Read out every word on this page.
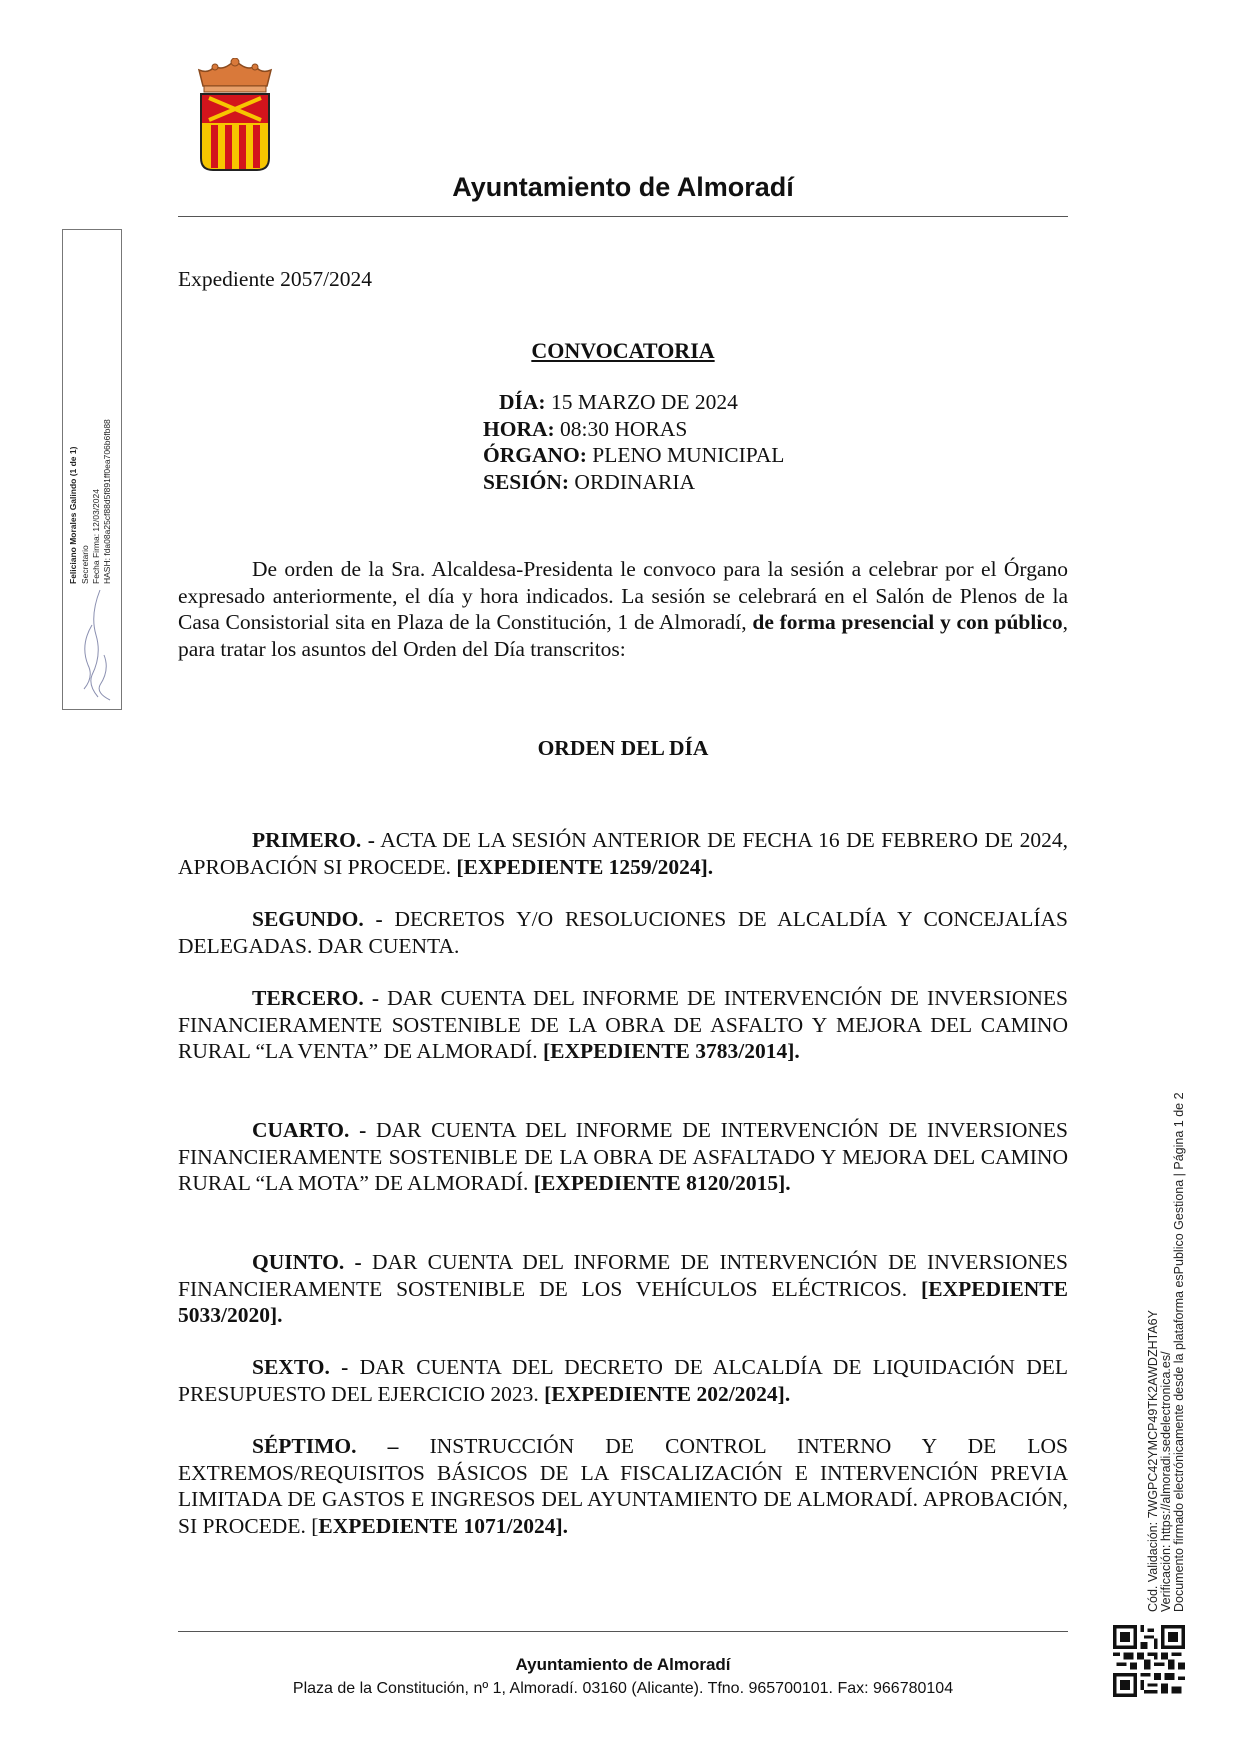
Ayuntamiento de Almoradí
Feliciano Morales Galindo (1 de 1) Secretario Fecha Firma: 12/03/2024 HASH: fda08a25cf88d5f891ff0ea706b6fb88
Expediente 2057/2024
CONVOCATORIA
DÍA: 15 MARZO DE 2024
HORA: 08:30 HORAS
ÓRGANO: PLENO MUNICIPAL
SESIÓN: ORDINARIA
De orden de la Sra. Alcaldesa-Presidenta le convoco para la sesión a celebrar por el Órgano expresado anteriormente, el día y hora indicados. La sesión se celebrará en el Salón de Plenos de la Casa Consistorial sita en Plaza de la Constitución, 1 de Almoradí, de forma presencial y con público, para tratar los asuntos del Orden del Día transcritos:
ORDEN DEL DÍA
PRIMERO. - ACTA DE LA SESIÓN ANTERIOR DE FECHA 16 DE FEBRERO DE 2024, APROBACIÓN SI PROCEDE. [EXPEDIENTE 1259/2024].
SEGUNDO. - DECRETOS Y/O RESOLUCIONES DE ALCALDÍA Y CONCEJALÍAS DELEGADAS. DAR CUENTA.
TERCERO. - DAR CUENTA DEL INFORME DE INTERVENCIÓN DE INVERSIONES FINANCIERAMENTE SOSTENIBLE DE LA OBRA DE ASFALTO Y MEJORA DEL CAMINO RURAL “LA VENTA” DE ALMORADÍ. [EXPEDIENTE 3783/2014].
CUARTO. - DAR CUENTA DEL INFORME DE INTERVENCIÓN DE INVERSIONES FINANCIERAMENTE SOSTENIBLE DE LA OBRA DE ASFALTADO Y MEJORA DEL CAMINO RURAL “LA MOTA” DE ALMORADÍ. [EXPEDIENTE 8120/2015].
QUINTO. - DAR CUENTA DEL INFORME DE INTERVENCIÓN DE INVERSIONES FINANCIERAMENTE SOSTENIBLE DE LOS VEHÍCULOS ELÉCTRICOS. [EXPEDIENTE 5033/2020].
SEXTO. - DAR CUENTA DEL DECRETO DE ALCALDÍA DE LIQUIDACIÓN DEL PRESUPUESTO DEL EJERCICIO 2023. [EXPEDIENTE 202/2024].
SÉPTIMO. – INSTRUCCIÓN DE CONTROL INTERNO Y DE LOS EXTREMOS/REQUISITOS BÁSICOS DE LA FISCALIZACIÓN E INTERVENCIÓN PREVIA LIMITADA DE GASTOS E INGRESOS DEL AYUNTAMIENTO DE ALMORADÍ. APROBACIÓN, SI PROCEDE. [EXPEDIENTE 1071/2024].
Ayuntamiento de Almoradí
Plaza de la Constitución, nº 1, Almoradí. 03160 (Alicante). Tfno. 965700101. Fax: 966780104
Cód. Validación: 7WGPC42YMCP49TK2AWDZHTA6Y Verificación: https://almoradi.sedelectronica.es/ Documento firmado electrónicamente desde la plataforma esPublico Gestiona | Página 1 de 2
